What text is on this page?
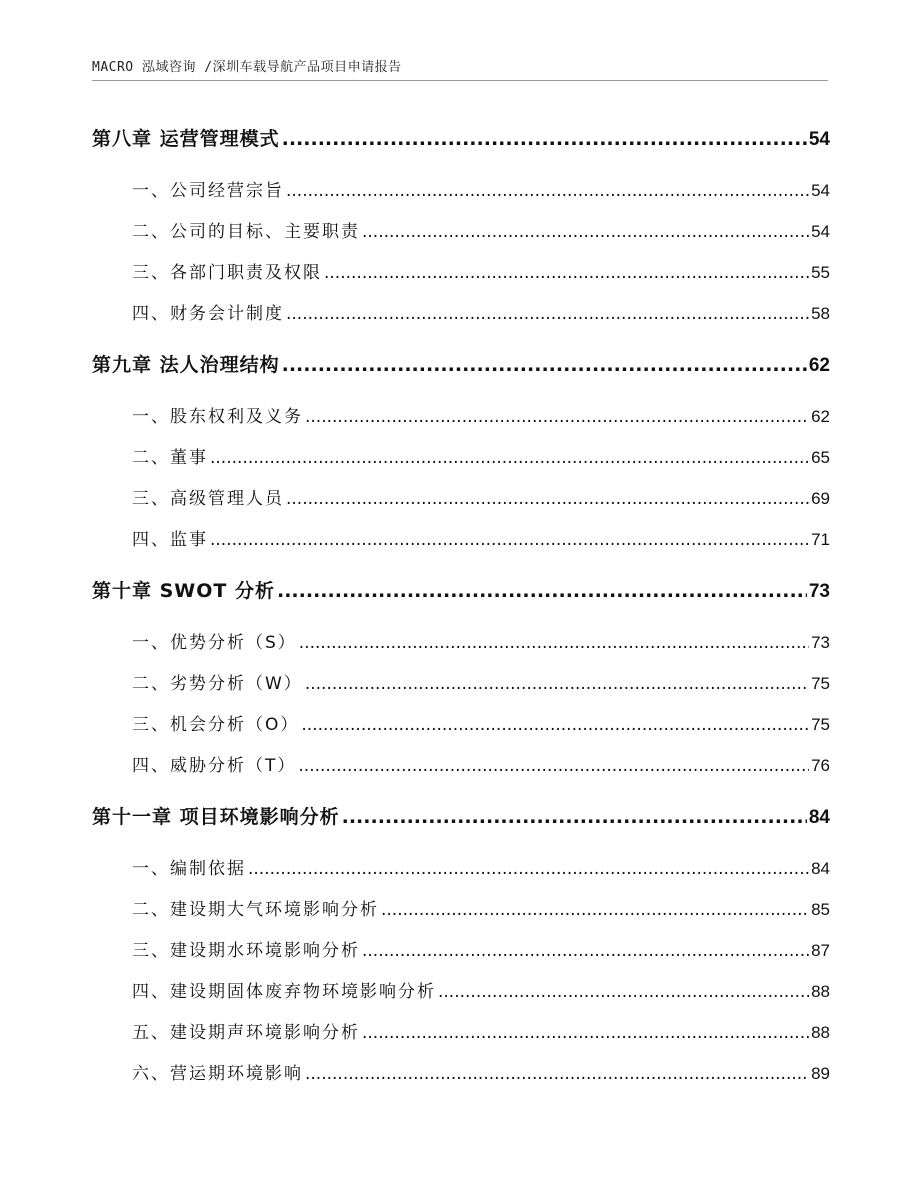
MACRO 泓域咨询 /深圳车载导航产品项目申请报告
第八章 运营管理模式 .....	54
一、 公司经营宗旨 .....	54
二、 公司的目标、主要职责 .....	54
三、 各部门职责及权限 .....	55
四、 财务会计制度 .....	58
第九章 法人治理结构 .....	62
一、 股东权利及义务 .....	62
二、 董事 .....	65
三、 高级管理人员 .....	69
四、 监事 .....	71
第十章 SWOT 分析 .....	73
一、 优势分析（S） .....	73
二、 劣势分析（W） .....	75
三、 机会分析（O） .....	75
四、 威胁分析（T） .....	76
第十一章 项目环境影响分析 .....	84
一、 编制依据 .....	84
二、 建设期大气环境影响分析 .....	85
三、 建设期水环境影响分析 .....	87
四、 建设期固体废弃物环境影响分析 .....	88
五、 建设期声环境影响分析 .....	88
六、 营运期环境影响 .....	89
